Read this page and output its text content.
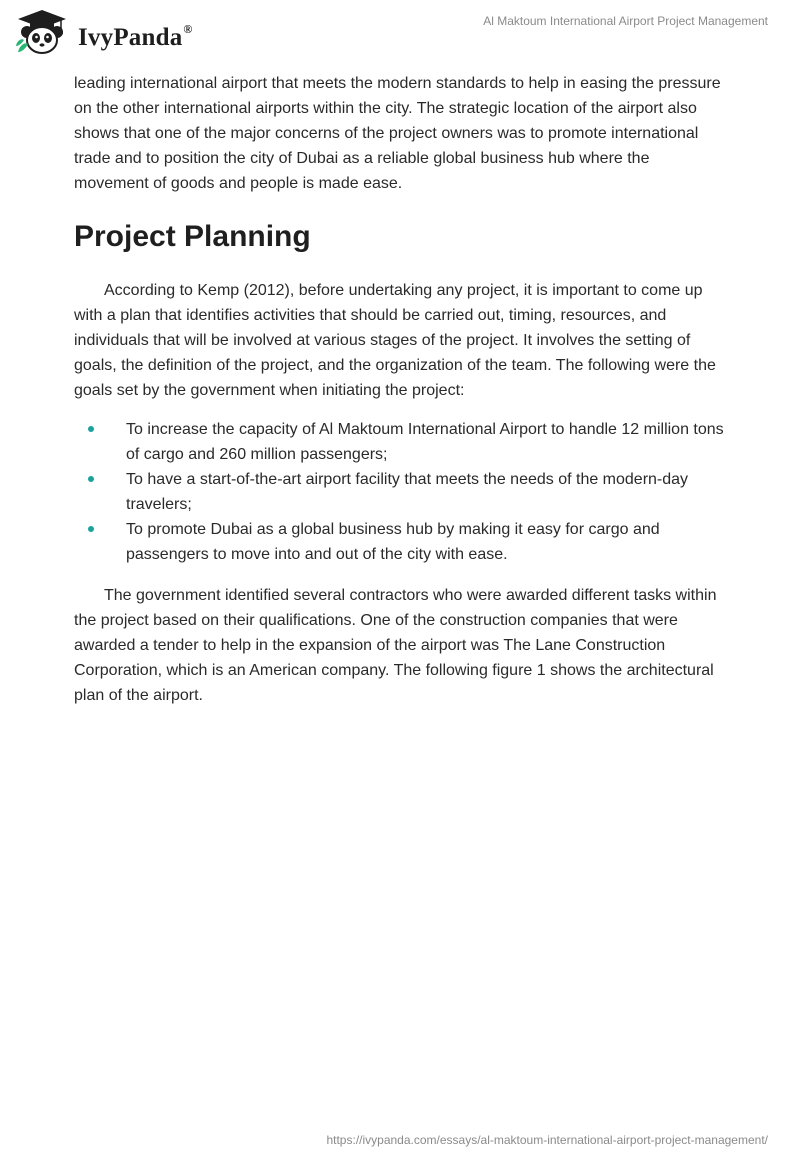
IvyPanda®
Al Maktoum International Airport Project Management

leading international airport that meets the modern standards to help in easing the pressure on the other international airports within the city. The strategic location of the airport also shows that one of the major concerns of the project owners was to promote international trade and to position the city of Dubai as a reliable global business hub where the movement of goods and people is made ease.

Project Planning

According to Kemp (2012), before undertaking any project, it is important to come up with a plan that identifies activities that should be carried out, timing, resources, and individuals that will be involved at various stages of the project. It involves the setting of goals, the definition of the project, and the organization of the team. The following were the goals set by the government when initiating the project:

To increase the capacity of Al Maktoum International Airport to handle 12 million tons of cargo and 260 million passengers;
To have a start-of-the-art airport facility that meets the needs of the modern-day travelers;
To promote Dubai as a global business hub by making it easy for cargo and passengers to move into and out of the city with ease.

The government identified several contractors who were awarded different tasks within the project based on their qualifications. One of the construction companies that were awarded a tender to help in the expansion of the airport was The Lane Construction Corporation, which is an American company. The following figure 1 shows the architectural plan of the airport.

https://ivypanda.com/essays/al-maktoum-international-airport-project-management/
